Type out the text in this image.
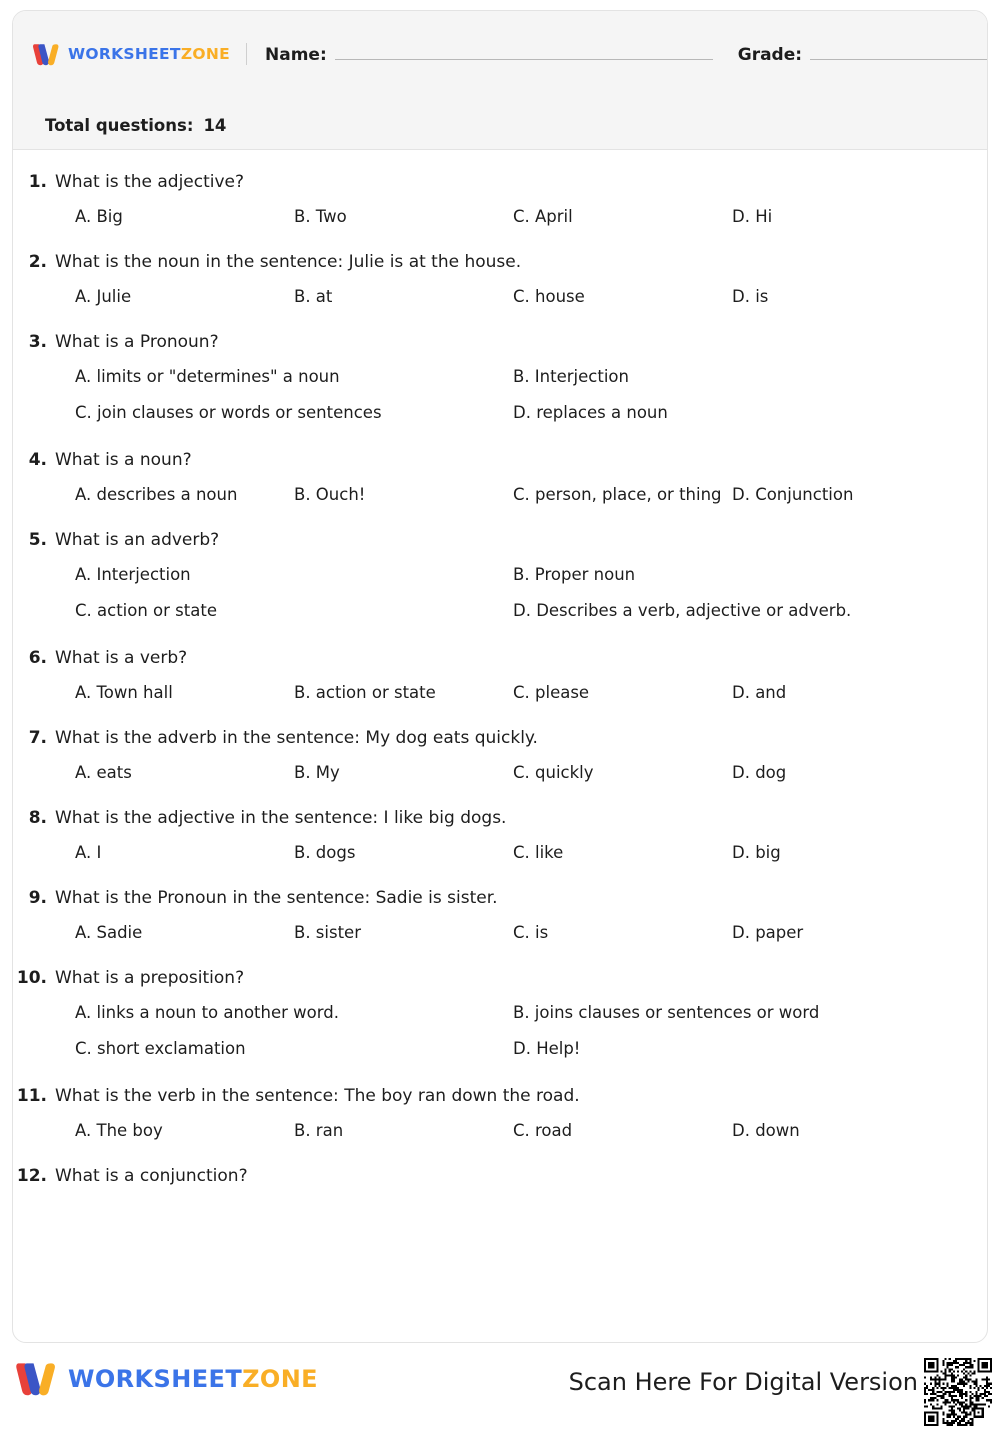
WORKSHEETZONE Name:	Grade:
Total questions: 14
1. What is the adjective?
A. Big	B. Two	C. April	D. Hi
2. What is the noun in the sentence: Julie is at the house.
A. Julie	B. at	C. house	D. is
3. What is a Pronoun?
A. limits or "determines" a noun	B. Interjection
C. join clauses or words or sentences	D. replaces a noun
4. What is a noun?
A. describes a noun	B. Ouch!	C. person, place, or thing D. Conjunction
5. What is an adverb?
A. Interjection	B. Proper noun
C. action or state	D. Describes a verb, adjective or adverb.
6. What is a verb?
A. Town hall	B. action or state	C. please	D. and
7. What is the adverb in the sentence: My dog eats quickly.
A. eats	B. My	C. quickly	D. dog
8. What is the adjective in the sentence: I like big dogs.
A. I	B. dogs	C. like	D. big
9. What is the Pronoun in the sentence: Sadie is sister.
A. Sadie	B. sister	C. is	D. paper
10. What is a preposition?
A. links a noun to another word.	B. joins clauses or sentences or word
C. short exclamation	D. Help!
11. What is the verb in the sentence: The boy ran down the road.
A. The boy	B. ran	C. road	D. down
12. What is a conjunction?
WORKSHEETZONE	Scan Here For Digital Version
